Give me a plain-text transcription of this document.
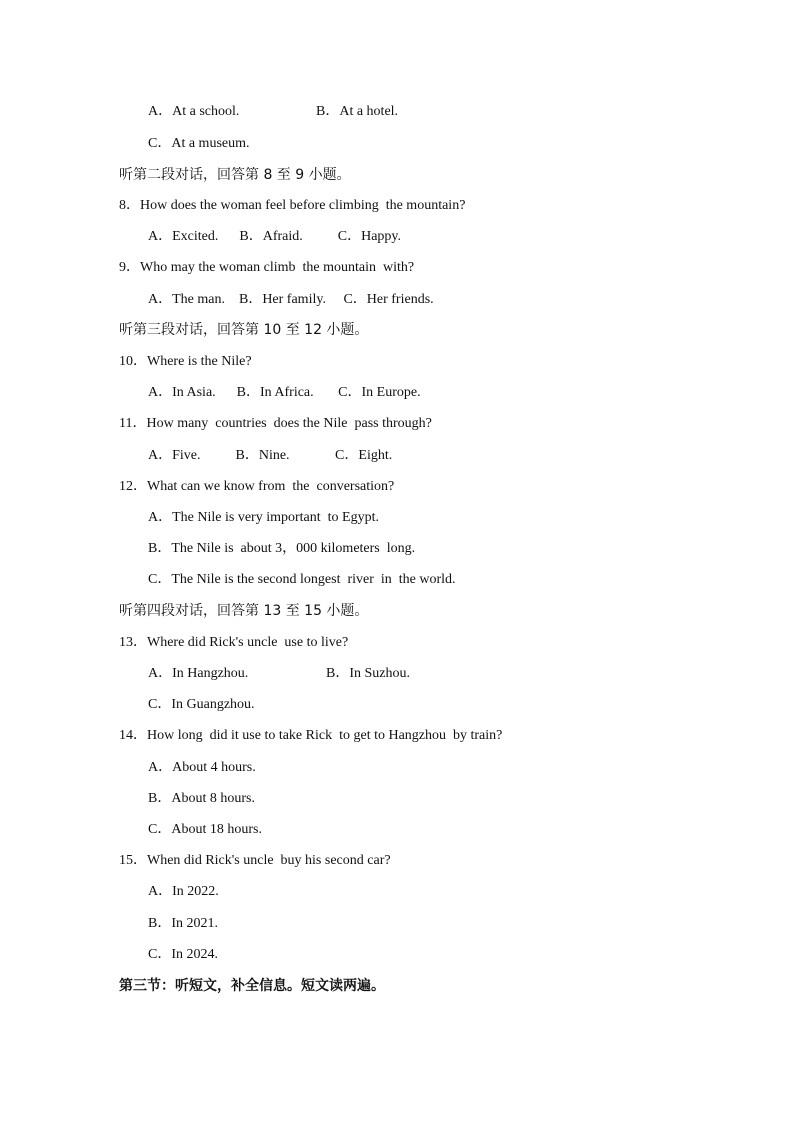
A．At a school.	B．At a hotel.
C．At a museum.
听第二段对话，回答第 8 至 9 小题。
8．How does the woman feel before climbing  the mountain?
A．Excited.      B．Afraid.          C．Happy.
9．Who may the woman climb  the mountain  with?
A．The man.    B．Her family.     C．Her friends.
听第三段对话，回答第 10 至 12 小题。
10．Where is the Nile?
A．In Asia.      B．In Africa.       C．In Europe.
11．How many  countries  does the Nile  pass through?
A．Five.          B．Nine.             C．Eight.
12．What can we know from  the  conversation?
A．The Nile is very important  to Egypt.
B．The Nile is  about 3，000 kilometers  long.
C．The Nile is the second longest  river  in  the world.
听第四段对话，回答第 13 至 15 小题。
13．Where did Rick's uncle  use to live?
A．In Hangzhou.	B．In Suzhou.
C．In Guangzhou.
14．How long  did it use to take Rick  to get to Hangzhou  by train?
A．About 4 hours.
B．About 8 hours.
C．About 18 hours.
15．When did Rick's uncle  buy his second car?
A．In 2022.
B．In 2021.
C．In 2024.
第三节：听短文，补全信息。短文读两遍。
